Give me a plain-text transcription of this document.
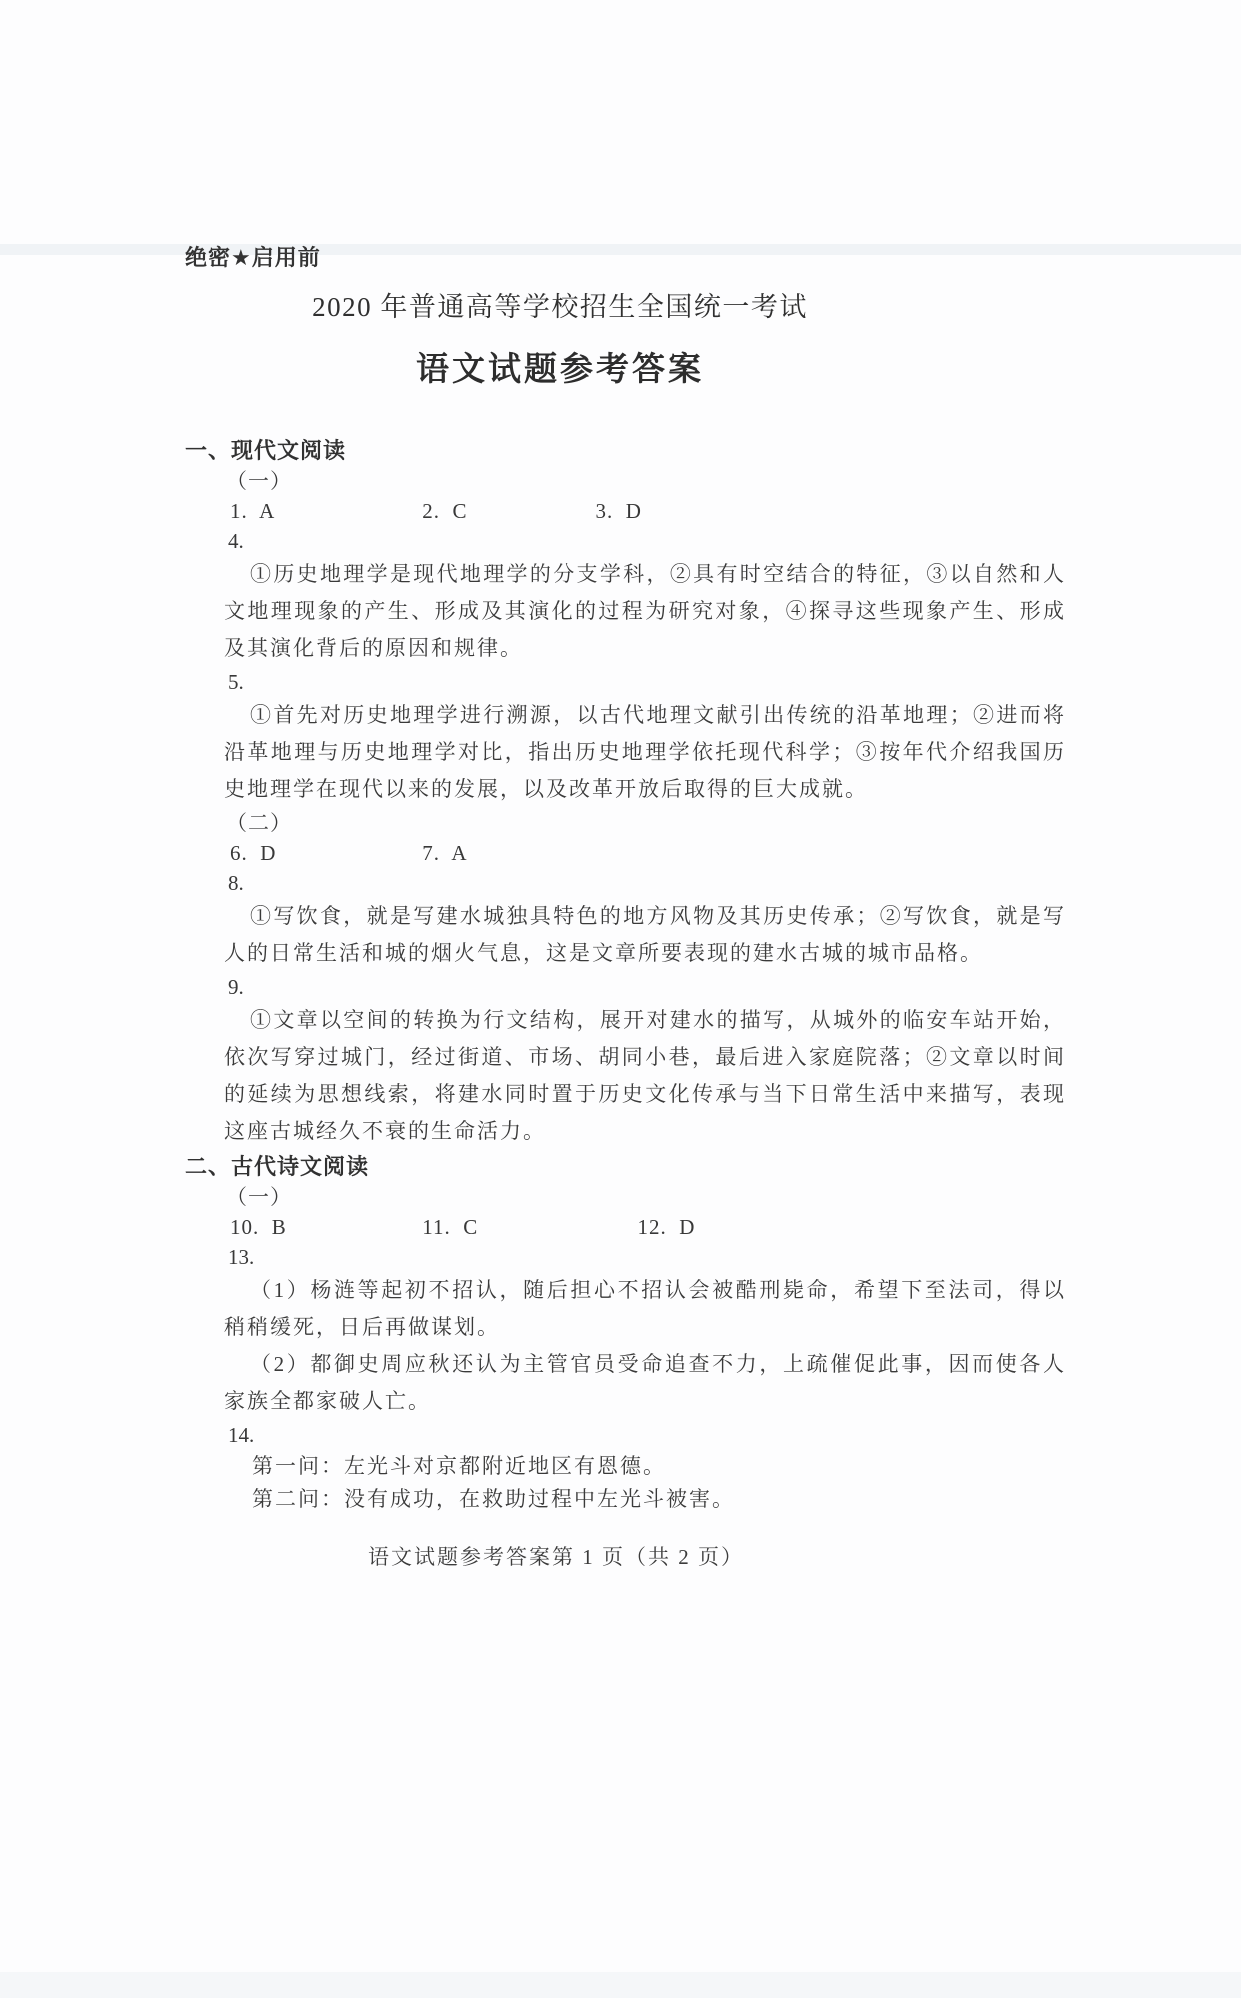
绝密★启用前
2020 年普通高等学校招生全国统一考试
语文试题参考答案
一、现代文阅读
（一）
1.  A	2.  C	3.  D
4.

①历史地理学是现代地理学的分支学科，②具有时空结合的特征，③以自然和人文地理现象的产生、形成及其演化的过程为研究对象，④探寻这些现象产生、形成及其演化背后的原因和规律。

5.

①首先对历史地理学进行溯源，以古代地理文献引出传统的沿革地理；②进而将沿革地理与历史地理学对比，指出历史地理学依托现代科学；③按年代介绍我国历史地理学在现代以来的发展，以及改革开放后取得的巨大成就。

（二）
6.  D	7.  A
8.

①写饮食，就是写建水城独具特色的地方风物及其历史传承；②写饮食，就是写人的日常生活和城的烟火气息，这是文章所要表现的建水古城的城市品格。

9.

①文章以空间的转换为行文结构，展开对建水的描写，从城外的临安车站开始，依次写穿过城门，经过街道、市场、胡同小巷，最后进入家庭院落；②文章以时间的延续为思想线索，将建水同时置于历史文化传承与当下日常生活中来描写，表现这座古城经久不衰的生命活力。

二、古代诗文阅读
（一）
10.  B	11.  C	12.  D
13.

（1）杨涟等起初不招认，随后担心不招认会被酷刑毙命，希望下至法司，得以稍稍缓死，日后再做谋划。

（2）都御史周应秋还认为主管官员受命追查不力，上疏催促此事，因而使各人家族全都家破人亡。

14.
第一问：左光斗对京都附近地区有恩德。
第二问：没有成功，在救助过程中左光斗被害。
语文试题参考答案第 1 页（共 2 页）
